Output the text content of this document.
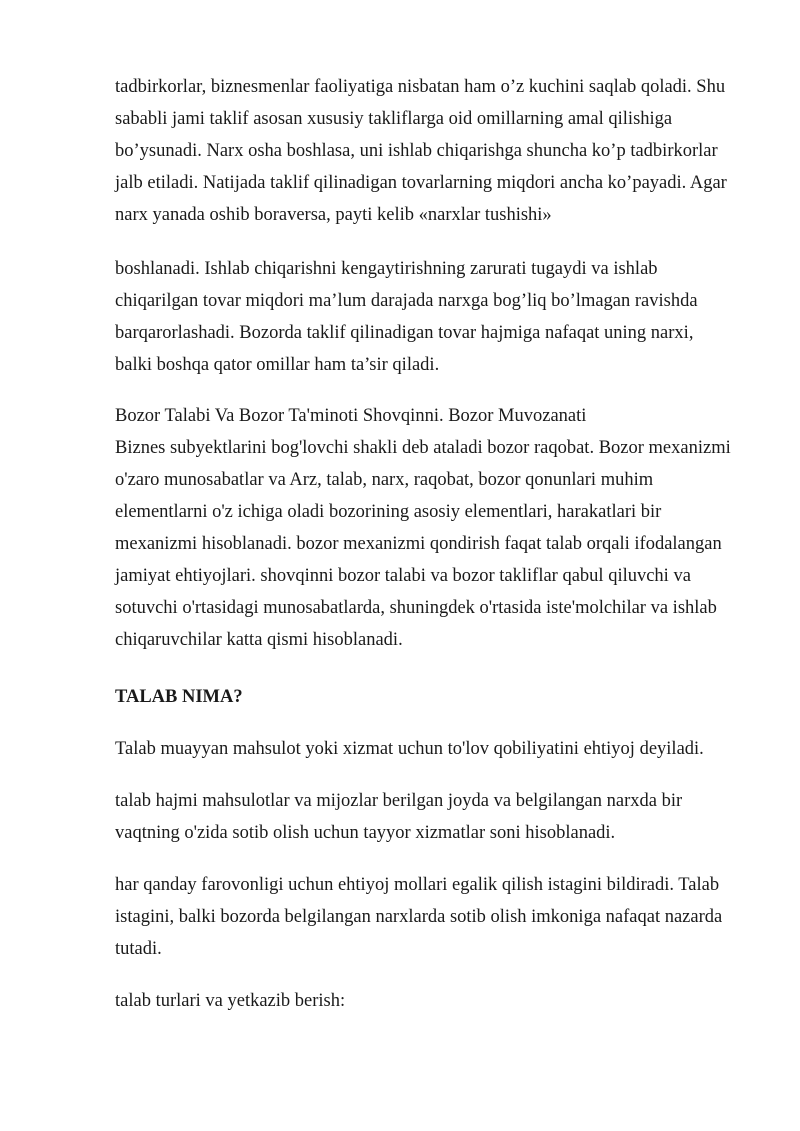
tadbirkorlar, biznesmenlar faoliyatiga nisbatan ham o’z kuchini saqlab qoladi. Shu
sababli jami taklif asosan xususiy takliflarga oid omillarning amal qilishiga
bo’ysunadi. Narx osha boshlasa, uni ishlab chiqarishga shuncha ko’p tadbirkorlar
jalb etiladi. Natijada taklif qilinadigan tovarlarning miqdori ancha ko’payadi. Agar
narx yanada oshib boraversa, payti kelib «narxlar tushishi»
boshlanadi. Ishlab chiqarishni kengaytirishning zarurati tugaydi va ishlab
chiqarilgan tovar miqdori ma’lum darajada narxga bog’liq bo’lmagan ravishda
barqarorlashadi. Bozorda taklif qilinadigan tovar hajmiga nafaqat uning narxi,
balki boshqa qator omillar ham ta’sir qiladi.
Bozor Talabi Va Bozor Ta'minoti Shovqinni. Bozor Muvozanati
Biznes subyektlarini bog'lovchi shakli deb ataladi bozor raqobat. Bozor mexanizmi
o'zaro munosabatlar va Arz, talab, narx, raqobat, bozor qonunlari muhim
elementlarni o'z ichiga oladi bozorining asosiy elementlari, harakatlari bir
mexanizmi hisoblanadi. bozor mexanizmi qondirish faqat talab orqali ifodalangan
jamiyat ehtiyojlari. shovqinni bozor talabi va bozor takliflar qabul qiluvchi va
sotuvchi o'rtasidagi munosabatlarda, shuningdek o'rtasida iste'molchilar va ishlab
chiqaruvchilar katta qismi hisoblanadi.
TALAB NIMA?
Talab muayyan mahsulot yoki xizmat uchun to'lov qobiliyatini ehtiyoj deyiladi.
talab hajmi mahsulotlar va mijozlar berilgan joyda va belgilangan narxda bir
vaqtning o'zida sotib olish uchun tayyor xizmatlar soni hisoblanadi.
har qanday farovonligi uchun ehtiyoj mollari egalik qilish istagini bildiradi. Talab
istagini, balki bozorda belgilangan narxlarda sotib olish imkoniga nafaqat nazarda
tutadi.
talab turlari va yetkazib berish:
